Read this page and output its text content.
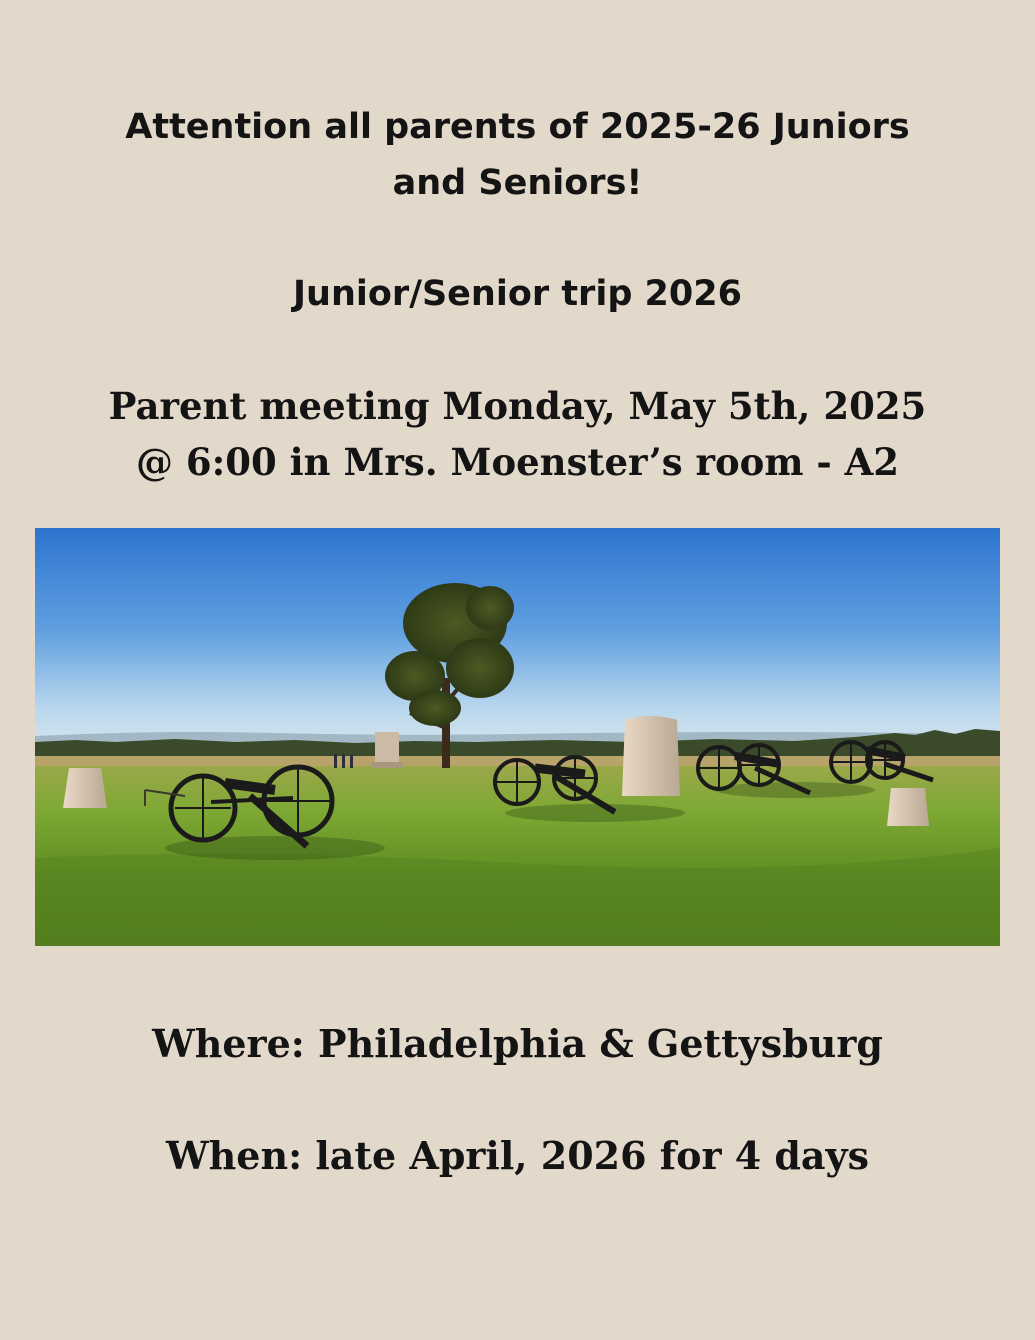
Attention all parents of 2025-26 Juniors
and Seniors!
Junior/Senior trip 2026
Parent meeting Monday, May 5th, 2025
@ 6:00 in Mrs. Moenster’s room - A2
Where: Philadelphia & Gettysburg
When: late April, 2026 for 4 days
